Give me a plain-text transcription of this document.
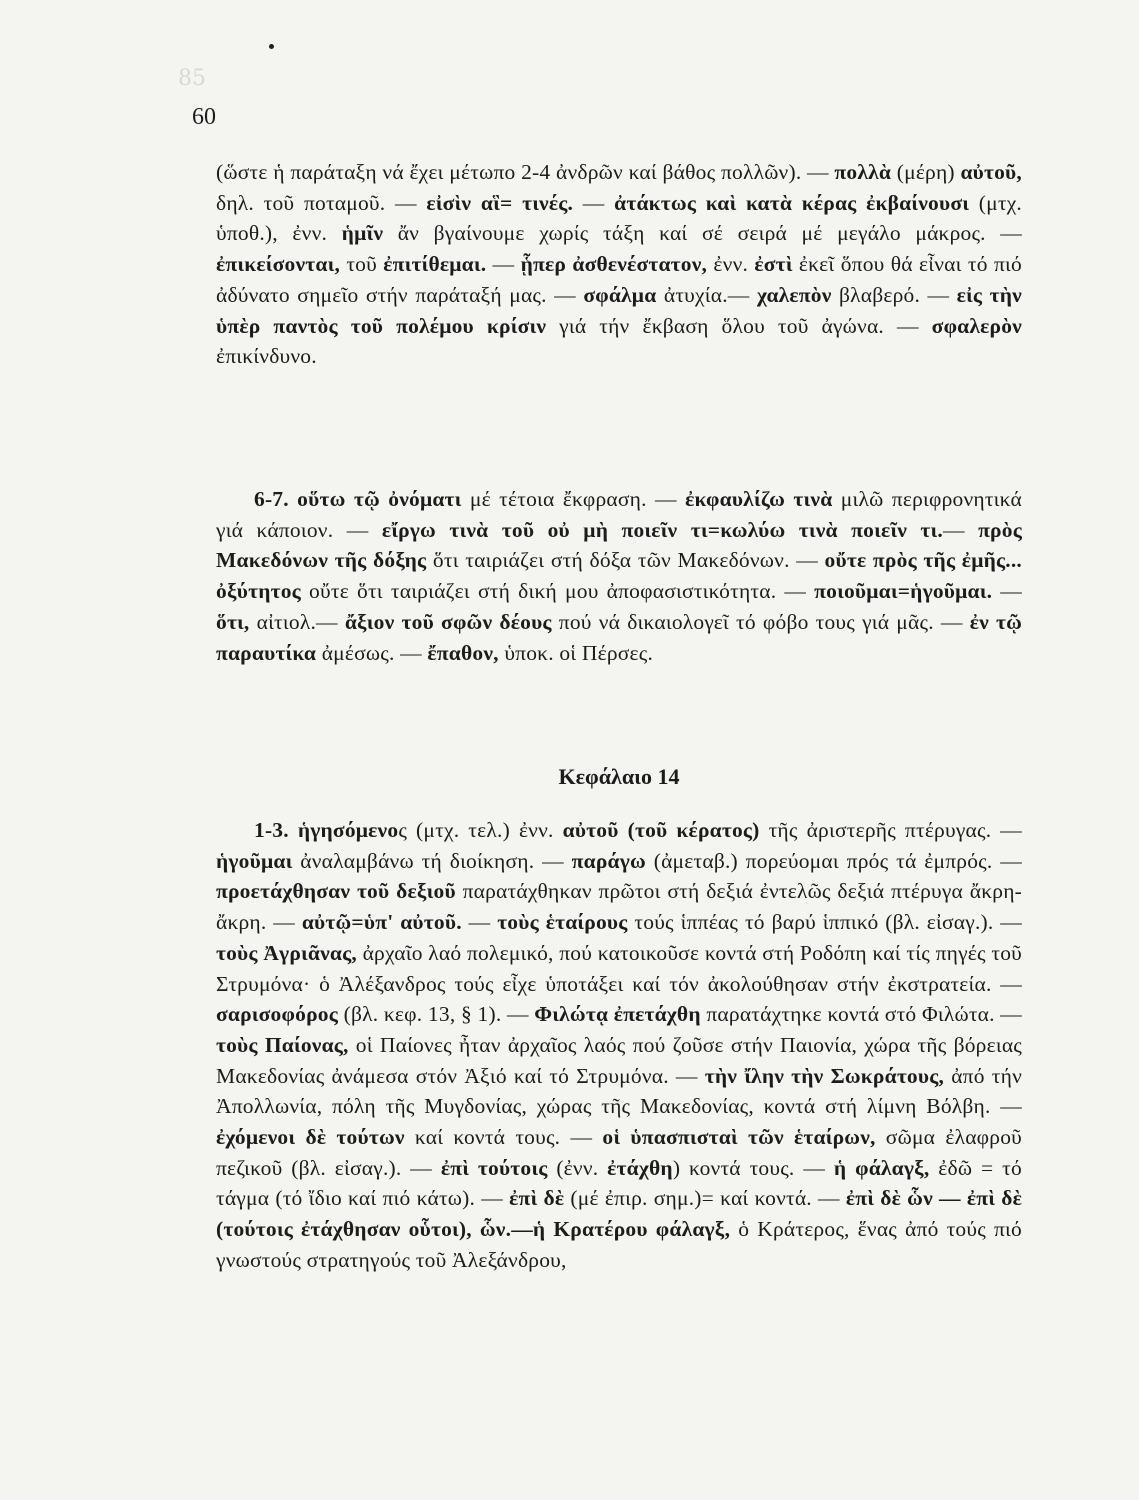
85
60
(ὥστε ἡ παράταξη νά ἔχει μέτωπο 2-4 ἀνδρῶν καί βάθος πολλῶν). — πολλὰ (μέρη) αὐτοῦ, δηλ. τοῦ ποταμοῦ. — εἰσὶν αἳ= τινές. — ἀτάκτως καὶ κατὰ κέρας ἐκβαίνουσι (μτχ. ὑποθ.), ἐνν. ἡμῖν ἄν βγαίνουμε χωρίς τάξη καί σέ σειρά μέ μεγάλο μάκρος. — ἐπικείσονται, τοῦ ἐπιτίθεμαι. — ᾗπερ ἀσθενέστατον, ἐνν. ἐστὶ ἐκεῖ ὅπου θά εἶναι τό πιό ἀδύνατο σημεῖο στήν παράταξή μας. — σφάλμα ἀτυχία.— χαλεπὸν βλαβερό. — εἰς τὴν ὑπὲρ παντὸς τοῦ πολέμου κρίσιν γιά τήν ἔκβαση ὅλου τοῦ ἀγώνα. — σφαλερὸν ἐπικίνδυνο.
6-7. οὕτω τῷ ὀνόματι μέ τέτοια ἔκφραση. — ἐκφαυλίζω τινὰ μιλῶ περιφρονητικά γιά κάποιον. — εἴργω τινὰ τοῦ οὐ μὴ ποιεῖν τι=κωλύω τινὰ ποιεῖν τι.— πρὸς Μακεδόνων τῆς δόξης ὅτι ταιριάζει στή δόξα τῶν Μακεδόνων. — οὔτε πρὸς τῆς ἐμῆς... ὀξύτητος οὔτε ὅτι ταιριάζει στή δική μου ἀποφασιστικότητα. — ποιοῦμαι=ἡγοῦμαι. — ὅτι, αἰτιολ.— ἄξιον τοῦ σφῶν δέους πού νά δικαιολογεῖ τό φόβο τους γιά μᾶς. — ἐν τῷ παραυτίκα ἀμέσως. — ἔπαθον, ὑποκ. οἱ Πέρσες.
Κεφάλαιο 14
1-3. ἡγησόμενος (μτχ. τελ.) ἐνν. αὐτοῦ (τοῦ κέρατος) τῆς ἀριστερῆς πτέρυγας. — ἡγοῦμαι ἀναλαμβάνω τή διοίκηση. — παράγω (ἀμεταβ.) πορεύομαι πρός τά ἐμπρός. — προετάχθησαν τοῦ δεξιοῦ παρατάχθηκαν πρῶτοι στή δεξιά ἐντελῶς δεξιά πτέρυγα ἄκρη-ἄκρη. — αὐτῷ=ὑπ' αὐτοῦ. — τοὺς ἑταίρους τούς ἱππέας τό βαρύ ἱππικό (βλ. εἰσαγ.). — τοὺς Ἀγριᾶνας, ἀρχαῖο λαό πολεμικό, πού κατοικοῦσε κοντά στή Ροδόπη καί τίς πηγές τοῦ Στρυμόνα· ὁ Ἀλέξανδρος τούς εἶχε ὑποτάξει καί τόν ἀκολούθησαν στήν ἐκστρατεία. — σαρισοφόρος (βλ. κεφ. 13, § 1). — Φιλώτᾳ ἐπετάχθη παρατάχτηκε κοντά στό Φιλώτα. — τοὺς Παίονας, οἱ Παίονες ἦταν ἀρχαῖος λαός πού ζοῦσε στήν Παιονία, χώρα τῆς βόρειας Μακεδονίας ἀνάμεσα στόν Ἀξιό καί τό Στρυμόνα. — τὴν ἴλην τὴν Σωκράτους, ἀπό τήν Ἀπολλωνία, πόλη τῆς Μυγδονίας, χώρας τῆς Μακεδονίας, κοντά στή λίμνη Βόλβη. — ἐχόμενοι δὲ τούτων καί κοντά τους. — οἱ ὑπασπισταὶ τῶν ἑταίρων, σῶμα ἐλαφροῦ πεζικοῦ (βλ. εἰσαγ.). — ἐπὶ τούτοις (ἐνν. ἐτάχθη) κοντά τους. — ἡ φάλαγξ, ἐδῶ = τό τάγμα (τό ἴδιο καί πιό κάτω). — ἐπὶ δὲ (μέ ἐπιρ. σημ.)= καί κοντά. — ἐπὶ δὲ ὧν — ἐπὶ δὲ (τούτοις ἐτάχθησαν οὗτοι), ὧν.—ἡ Κρατέρου φάλαγξ, ὁ Κράτερος, ἕνας ἀπό τούς πιό γνωστούς στρατηγούς τοῦ Ἀλεξάνδρου,
